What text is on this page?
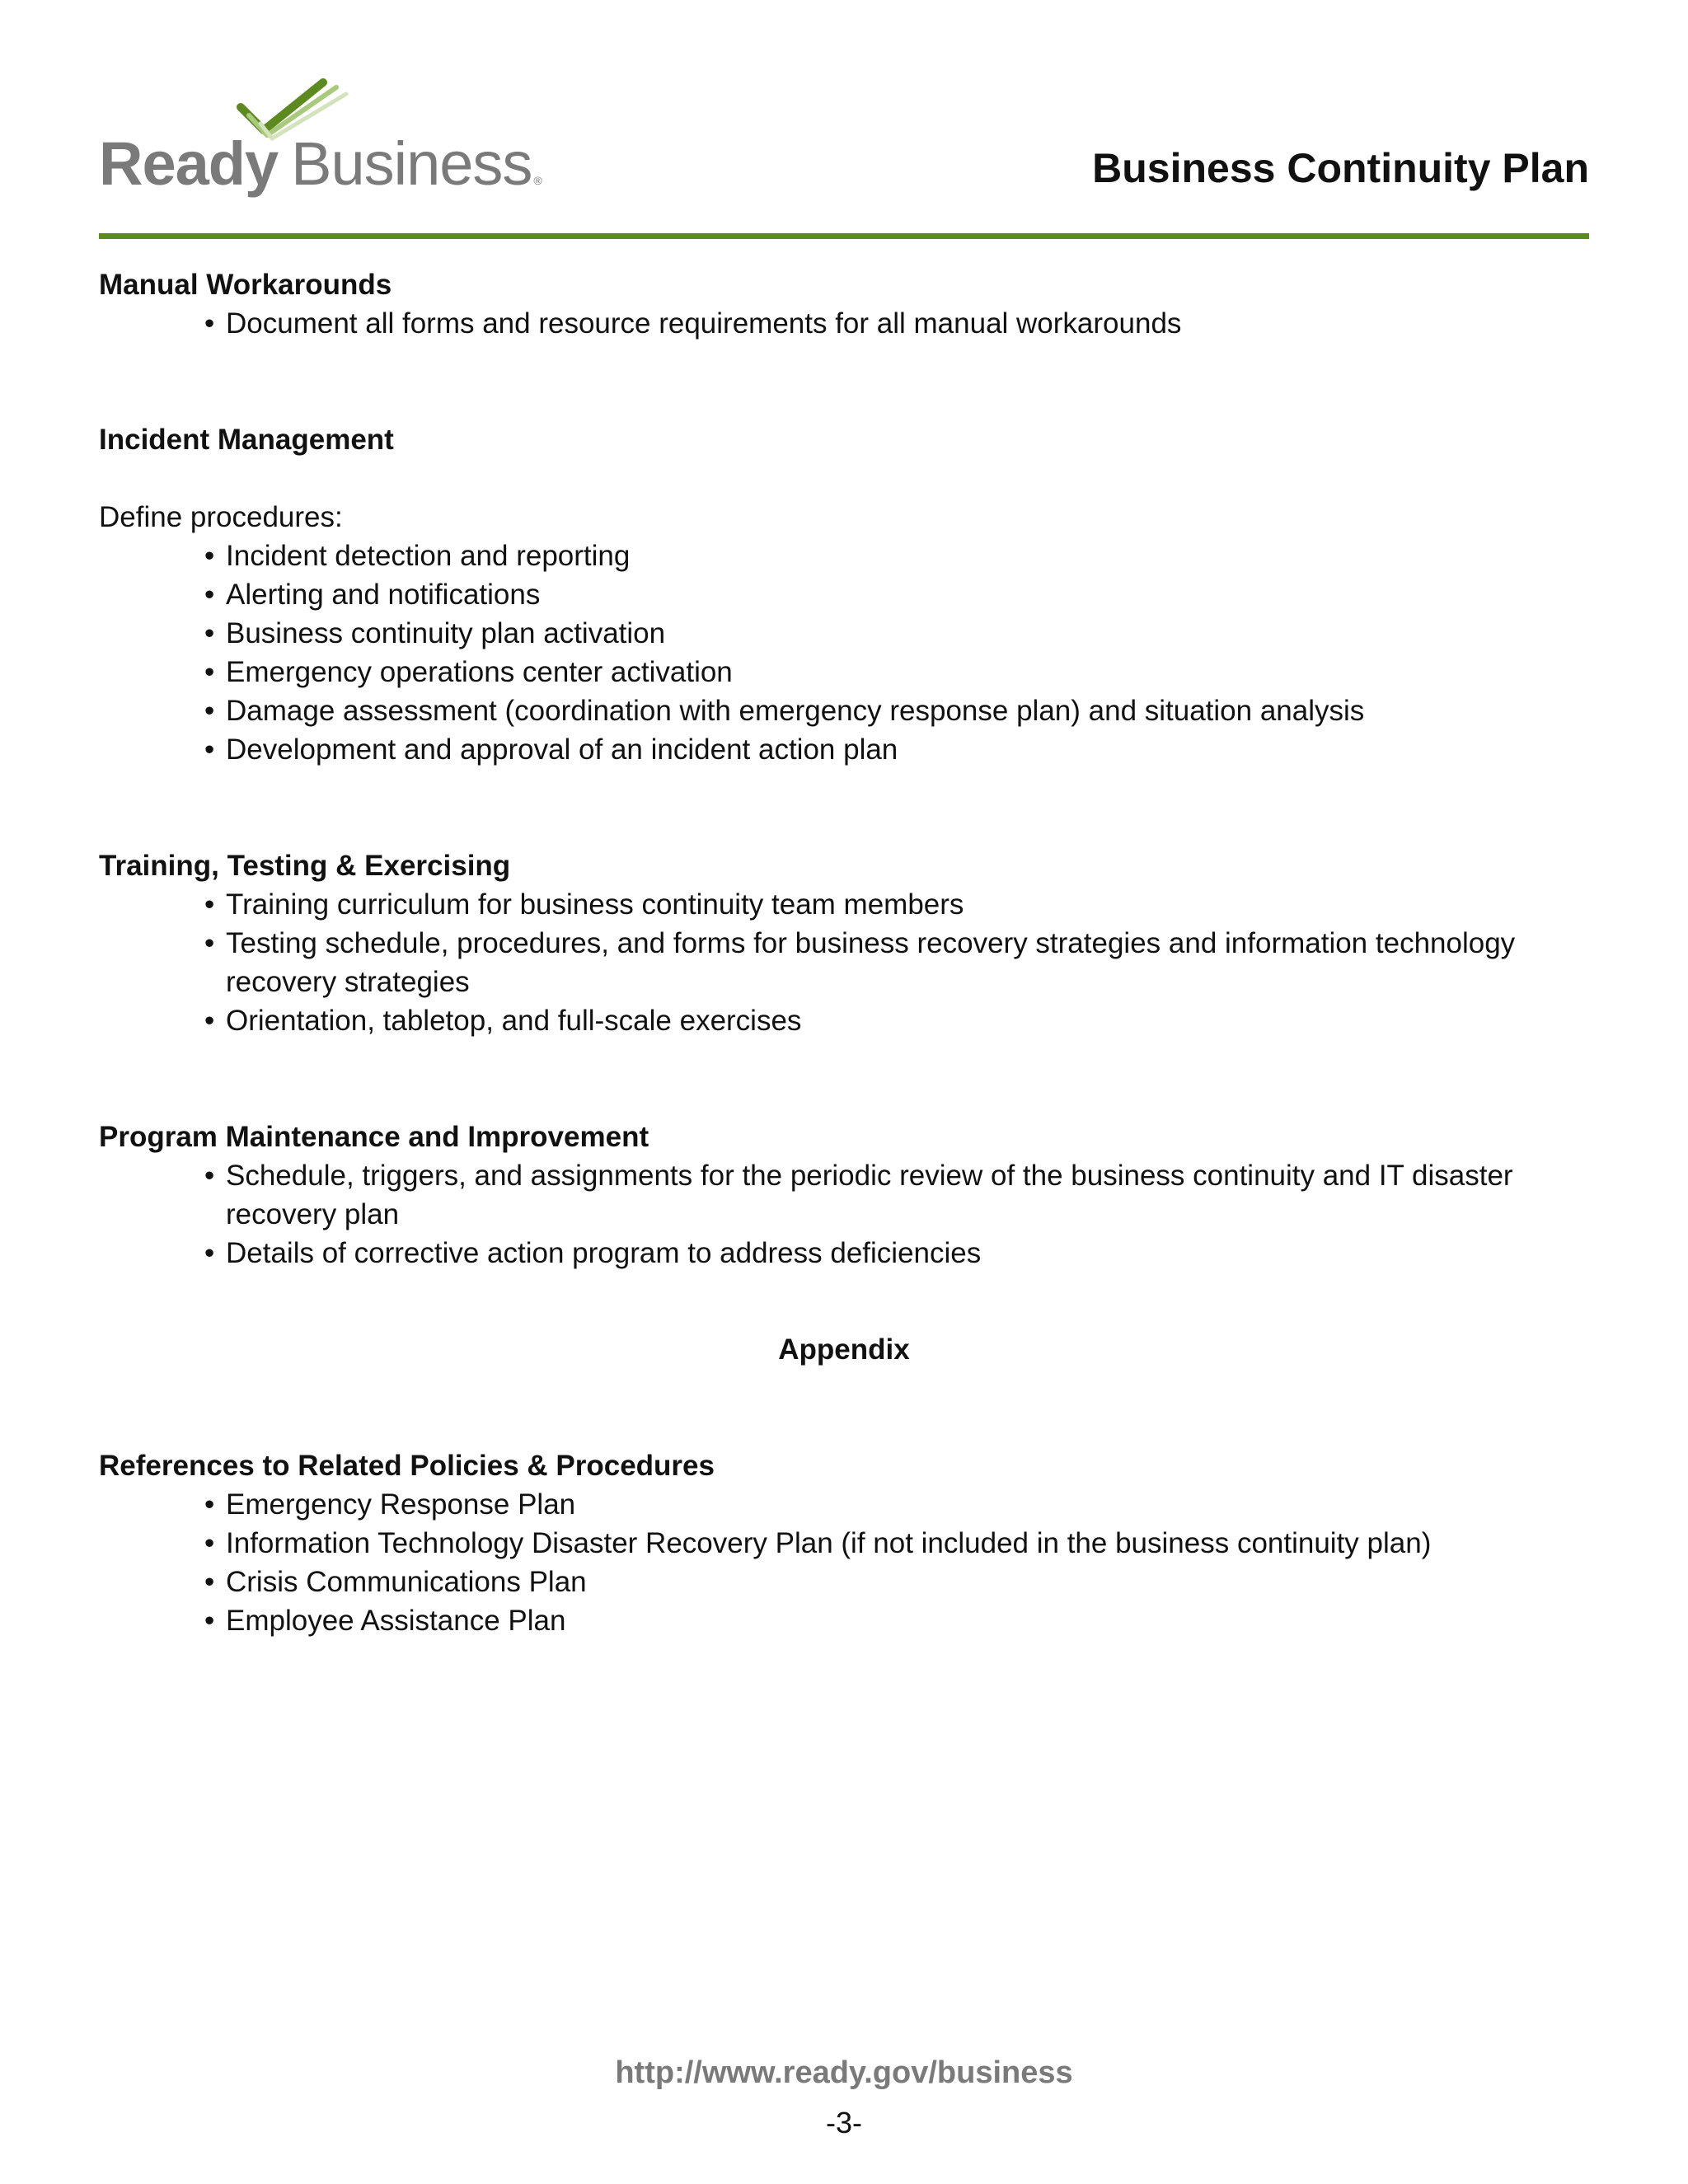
Ready Business ®	Business Continuity Plan

Manual Workarounds

• Document all forms and resource requirements for all manual workarounds

Incident Management

Define procedures:

• Incident detection and reporting
• Alerting and notifications
• Business continuity plan activation
• Emergency operations center activation
• Damage assessment (coordination with emergency response plan) and situation analysis
• Development and approval of an incident action plan

Training, Testing & Exercising

• Training curriculum for business continuity team members
• Testing schedule, procedures, and forms for business recovery strategies and information technology recovery strategies
• Orientation, tabletop, and full-scale exercises

Program Maintenance and Improvement

• Schedule, triggers, and assignments for the periodic review of the business continuity and IT disaster recovery plan
• Details of corrective action program to address deficiencies

Appendix

References to Related Policies & Procedures

• Emergency Response Plan
• Information Technology Disaster Recovery Plan (if not included in the business continuity plan)
• Crisis Communications Plan
• Employee Assistance Plan
http://www.ready.gov/business
-3-
